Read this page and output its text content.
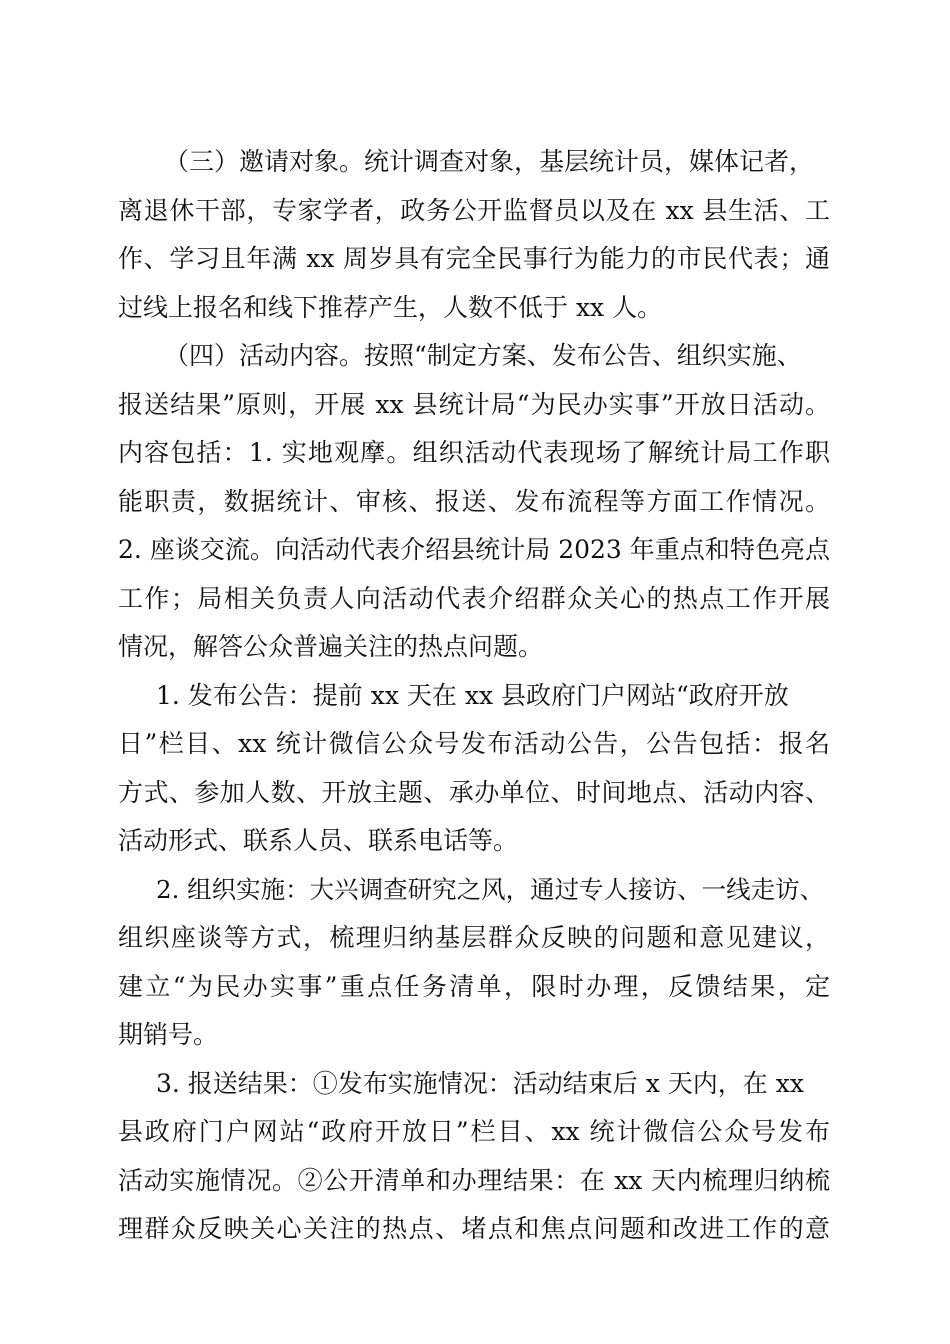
（三）邀请对象。统计调查对象，基层统计员，媒体记者，
离退休干部，专家学者，政务公开监督员以及在 xx 县生活、工
作、学习且年满 xx 周岁具有完全民事行为能力的市民代表；通
过线上报名和线下推荐产生，人数不低于 xx 人。
（四）活动内容。按照“制定方案、发布公告、组织实施、
报送结果”原则，开展 xx 县统计局“为民办实事”开放日活动。
内容包括：1. 实地观摩。组织活动代表现场了解统计局工作职
能职责，数据统计、审核、报送、发布流程等方面工作情况。
2. 座谈交流。向活动代表介绍县统计局 2023 年重点和特色亮点
工作；局相关负责人向活动代表介绍群众关心的热点工作开展
情况，解答公众普遍关注的热点问题。
1. 发布公告：提前 xx 天在 xx 县政府门户网站“政府开放
日”栏目、xx 统计微信公众号发布活动公告，公告包括：报名
方式、参加人数、开放主题、承办单位、时间地点、活动内容、
活动形式、联系人员、联系电话等。
2. 组织实施：大兴调查研究之风，通过专人接访、一线走访、
组织座谈等方式，梳理归纳基层群众反映的问题和意见建议，
建立“为民办实事”重点任务清单，限时办理，反馈结果，定
期销号。
3. 报送结果：①发布实施情况：活动结束后 x 天内，在 xx
县政府门户网站“政府开放日”栏目、xx 统计微信公众号发布
活动实施情况。②公开清单和办理结果：在 xx 天内梳理归纳梳
理群众反映关心关注的热点、堵点和焦点问题和改进工作的意
